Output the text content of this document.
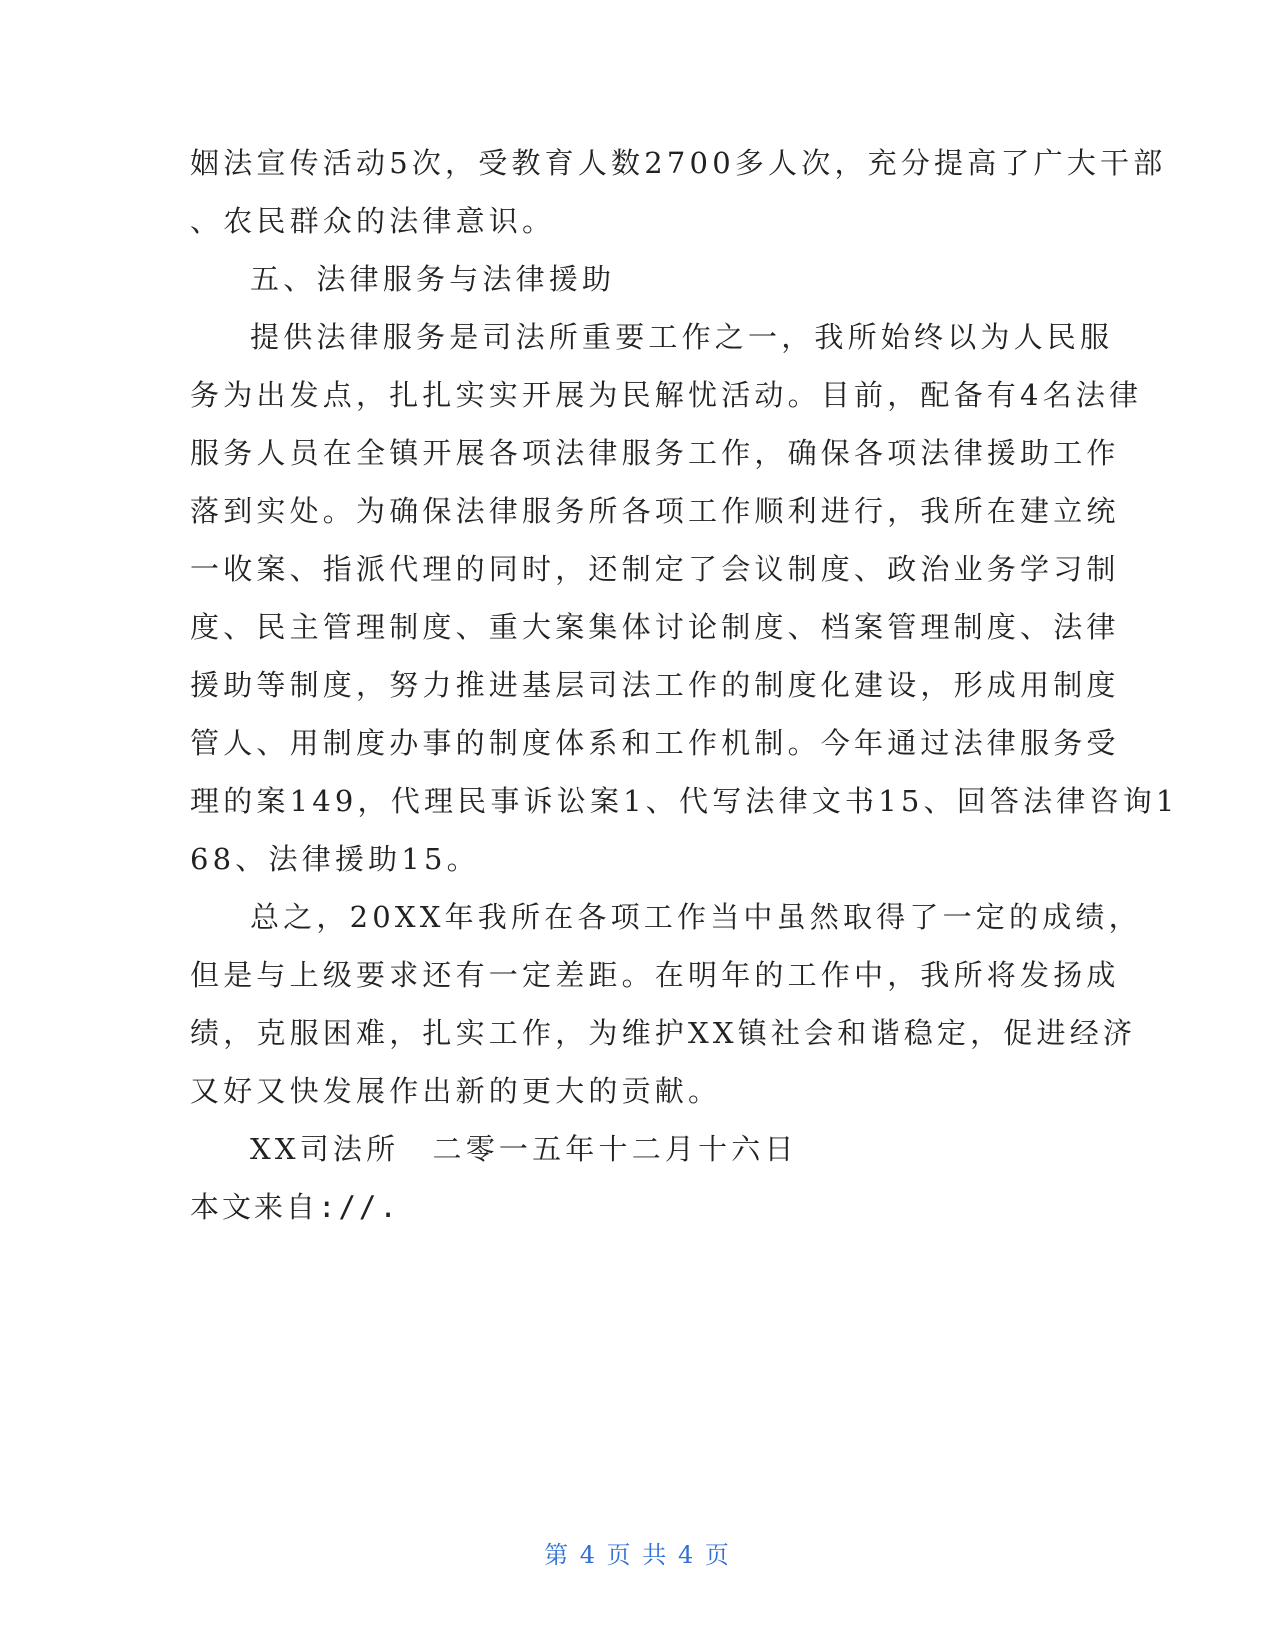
姻法宣传活动5次，受教育人数2700多人次，充分提高了广大干部
、农民群众的法律意识。
五、法律服务与法律援助
提供法律服务是司法所重要工作之一，我所始终以为人民服
务为出发点，扎扎实实开展为民解忧活动。目前，配备有4名法律
服务人员在全镇开展各项法律服务工作，确保各项法律援助工作
落到实处。为确保法律服务所各项工作顺利进行，我所在建立统
一收案、指派代理的同时，还制定了会议制度、政治业务学习制
度、民主管理制度、重大案集体讨论制度、档案管理制度、法律
援助等制度，努力推进基层司法工作的制度化建设，形成用制度
管人、用制度办事的制度体系和工作机制。今年通过法律服务受
理的案149，代理民事诉讼案1、代写法律文书15、回答法律咨询1
68、法律援助15。
总之，20XX年我所在各项工作当中虽然取得了一定的成绩，
但是与上级要求还有一定差距。在明年的工作中，我所将发扬成
绩，克服困难，扎实工作，为维护XX镇社会和谐稳定，促进经济
又好又快发展作出新的更大的贡献。
XX司法所　二零一五年十二月十六日
本文来自://.
第 4 页 共 4 页
